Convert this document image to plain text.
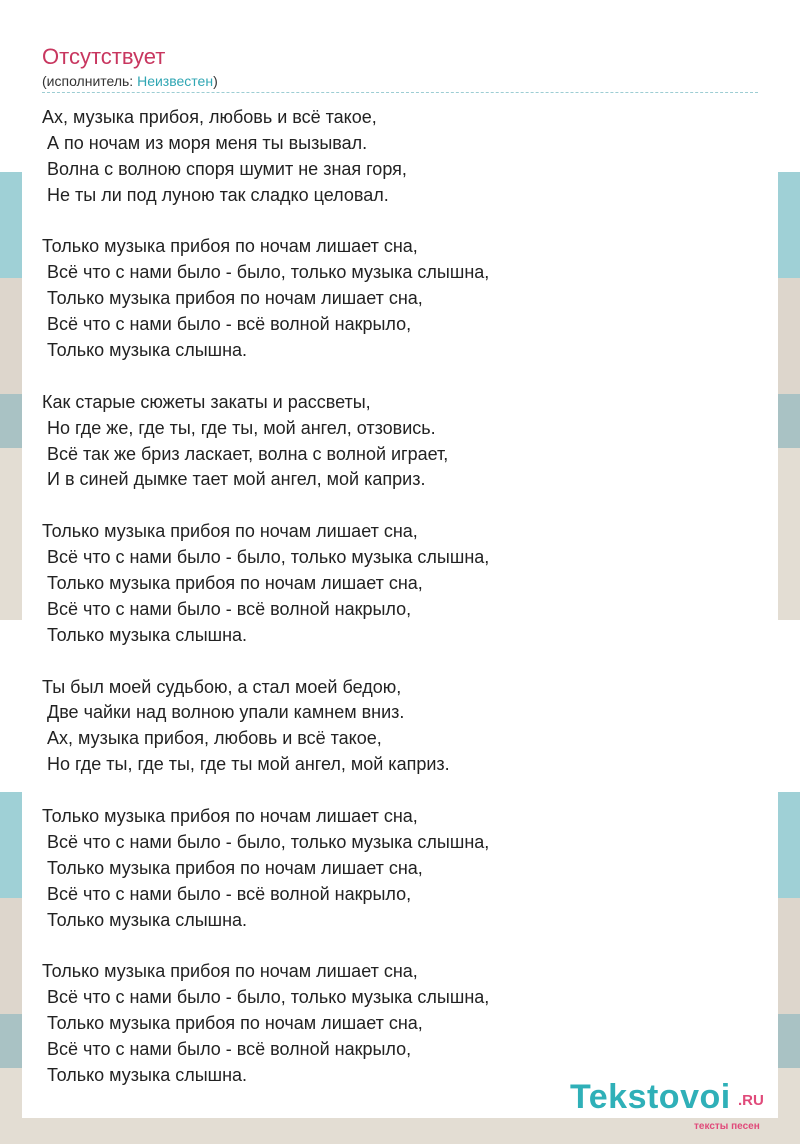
Отсутствует
(исполнитель: Неизвестен)
Ах, музыка прибоя, любовь и всё такое,
А по ночам из моря меня ты вызывал.
Волна с волною споря шумит не зная горя,
Не ты ли под луною так сладко целовал.
Только музыка прибоя по ночам лишает сна,
Всё что с нами было - было, только музыка слышна,
Только музыка прибоя по ночам лишает сна,
Всё что с нами было - всё волной накрыло,
Только музыка слышна.
Как старые сюжеты закаты и рассветы,
Но где же, где ты, где ты, мой ангел, отзовись.
Всё так же бриз ласкает, волна с волной играет,
И в синей дымке тает мой ангел, мой каприз.
Только музыка прибоя по ночам лишает сна,
Всё что с нами было - было, только музыка слышна,
Только музыка прибоя по ночам лишает сна,
Всё что с нами было - всё волной накрыло,
Только музыка слышна.
Ты был моей судьбою, а стал моей бедою,
Две чайки над волною упали камнем вниз.
Ах, музыка прибоя, любовь и всё такое,
Но где ты, где ты, где ты мой ангел, мой каприз.
Только музыка прибоя по ночам лишает сна,
Всё что с нами было - было, только музыка слышна,
Только музыка прибоя по ночам лишает сна,
Всё что с нами было - всё волной накрыло,
Только музыка слышна.
Только музыка прибоя по ночам лишает сна,
Всё что с нами было - было, только музыка слышна,
Только музыка прибоя по ночам лишает сна,
Всё что с нами было - всё волной накрыло,
Только музыка слышна.
Tekstovoi .RU
тексты песен
